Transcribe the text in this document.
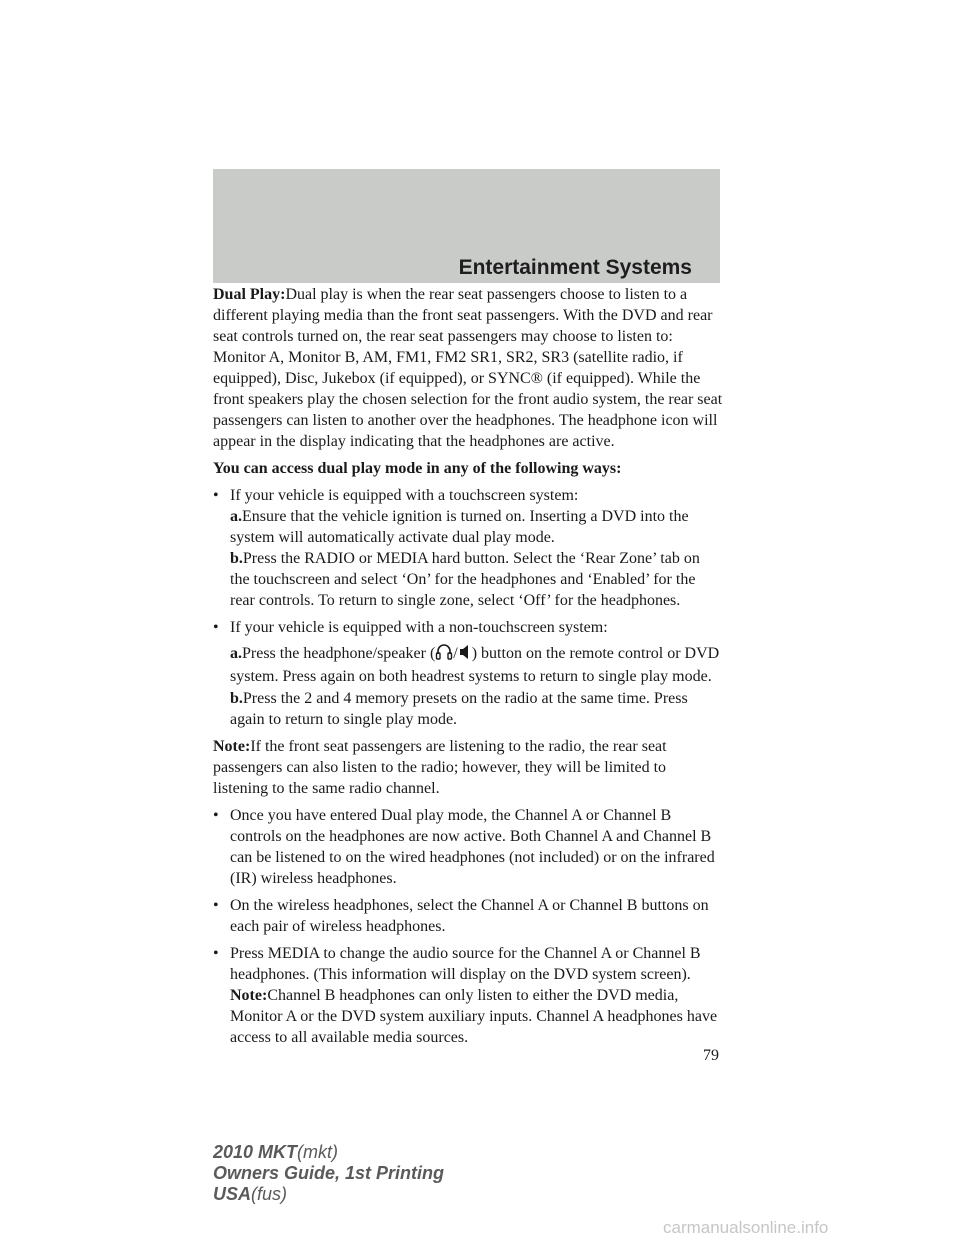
Entertainment Systems

Dual Play:Dual play is when the rear seat passengers choose to listen to a different playing media than the front seat passengers. With the DVD and rear seat controls turned on, the rear seat passengers may choose to listen to: Monitor A, Monitor B, AM, FM1, FM2 SR1, SR2, SR3 (satellite radio, if equipped), Disc, Jukebox (if equipped), or SYNC® (if equipped). While the front speakers play the chosen selection for the front audio system, the rear seat passengers can listen to another over the headphones. The headphone icon will appear in the display indicating that the headphones are active.

You can access dual play mode in any of the following ways:

• If your vehicle is equipped with a touchscreen system:
a.Ensure that the vehicle ignition is turned on. Inserting a DVD into the system will automatically activate dual play mode.
b.Press the RADIO or MEDIA hard button. Select the ‘Rear Zone’ tab on the touchscreen and select ‘On’ for the headphones and ‘Enabled’ for the rear controls. To return to single zone, select ‘Off’ for the headphones.
• If your vehicle is equipped with a non-touchscreen system:
a.Press the headphone/speaker ( / ) button on the remote control or DVD system. Press again on both headrest systems to return to single play mode.
b.Press the 2 and 4 memory presets on the radio at the same time. Press again to return to single play mode.

Note:If the front seat passengers are listening to the radio, the rear seat passengers can also listen to the radio; however, they will be limited to listening to the same radio channel.

• Once you have entered Dual play mode, the Channel A or Channel B controls on the headphones are now active. Both Channel A and Channel B can be listened to on the wired headphones (not included) or on the infrared (IR) wireless headphones.
• On the wireless headphones, select the Channel A or Channel B buttons on each pair of wireless headphones.
• Press MEDIA to change the audio source for the Channel A or Channel B headphones. (This information will display on the DVD system screen).
Note:Channel B headphones can only listen to either the DVD media, Monitor A or the DVD system auxiliary inputs. Channel A headphones have access to all available media sources.
79
2010 MKT(mkt)
Owners Guide, 1st Printing
USA(fus)
carmanualsonline.info
